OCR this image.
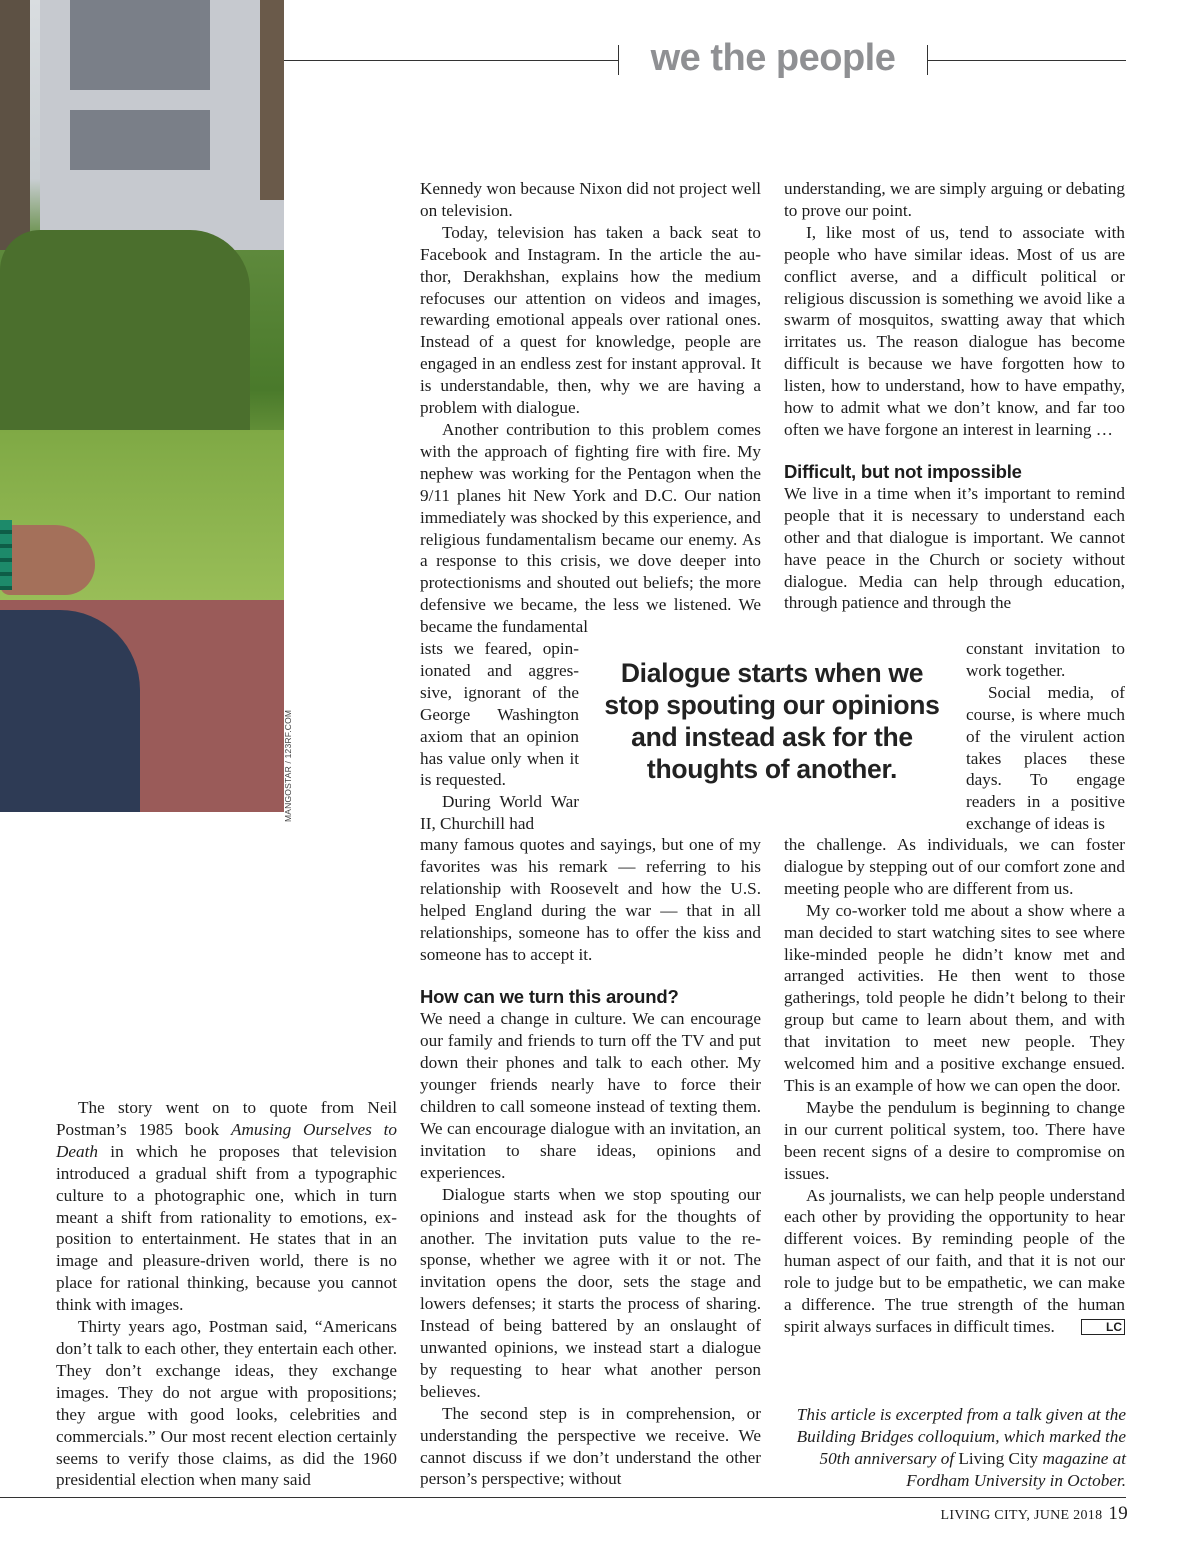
MANGOSTAR / 123RF.COM
we the people

The story went on to quote from Neil Postman’s 1985 book Amusing Ourselves to Death in which he proposes that television introduced a gradual shift from a typographic culture to a photographic one, which in turn meant a shift from rationality to emotions, exposition to entertainment. He states that in an image and pleasure-driven world, there is no place for rational thinking, because you cannot think with images.

Thirty years ago, Postman said, “Americans don’t talk to each other, they entertain each other. They don’t exchange ideas, they exchange images. They do not argue with propositions; they argue with good looks, celebrities and commercials.” Our most recent election certainly seems to verify those claims, as did the 1960 presidential election when many said

Kennedy won because Nixon did not project well on television.

Today, television has taken a back seat to Facebook and Instagram. In the article the author, Derakhshan, explains how the medium refocuses our attention on videos and images, rewarding emotional appeals over rational ones. Instead of a quest for knowledge, people are engaged in an endless zest for instant approval. It is understandable, then, why we are having a problem with dialogue.

Another contribution to this problem comes with the approach of fighting fire with fire. My nephew was working for the Pentagon when the 9/11 planes hit New York and D.C. Our nation immediately was shocked by this experience, and religious fundamentalism became our enemy. As a response to this crisis, we dove deeper into protectionisms and shouted out beliefs; the more defensive we became, the less we listened. We became the fundamental

ists we feared, opinionated and aggressive, ignorant of the George Washington axiom that an opinion has value only when it is requested.

During World War II, Churchill had

many famous quotes and sayings, but one of my favorites was his remark — referring to his relationship with Roosevelt and how the U.S. helped England during the war — that in all relationships, someone has to offer the kiss and someone has to accept it.

How can we turn this around?

We need a change in culture. We can encourage our family and friends to turn off the TV and put down their phones and talk to each other. My younger friends nearly have to force their children to call someone instead of texting them. We can encourage dialogue with an invitation, an invitation to share ideas, opinions and experiences.

Dialogue starts when we stop spouting our opinions and instead ask for the thoughts of another. The invitation puts value to the response, whether we agree with it or not. The invitation opens the door, sets the stage and lowers defenses; it starts the process of sharing. Instead of being battered by an onslaught of unwanted opinions, we instead start a dialogue by requesting to hear what another person believes.

The second step is in comprehension, or understanding the perspective we receive. We cannot discuss if we don’t understand the other person’s perspective; without

Dialogue starts when we stop spouting our opinions and instead ask for the thoughts of another.

understanding, we are simply arguing or debating to prove our point.

I, like most of us, tend to associate with people who have similar ideas. Most of us are conflict averse, and a difficult political or religious discussion is something we avoid like a swarm of mosquitos, swatting away that which irritates us. The reason dialogue has become difficult is because we have forgotten how to listen, how to understand, how to have empathy, how to admit what we don’t know, and far too often we have forgone an interest in learning …

Difficult, but not impossible

We live in a time when it’s important to remind people that it is necessary to understand each other and that dialogue is important. We cannot have peace in the Church or society without dialogue. Media can help through education, through patience and through the

constant invitation to work together.

Social media, of course, is where much of the virulent action takes places these days. To engage readers in a positive exchange of ideas is

the challenge. As individuals, we can foster dialogue by stepping out of our comfort zone and meeting people who are different from us.

My co-worker told me about a show where a man decided to start watching sites to see where like-minded people he didn’t know met and arranged activities. He then went to those gatherings, told people he didn’t belong to their group but came to learn about them, and with that invitation to meet new people. They welcomed him and a positive exchange ensued. This is an example of how we can open the door.

Maybe the pendulum is beginning to change in our current political system, too. There have been recent signs of a desire to compromise on issues.

As journalists, we can help people understand each other by providing the opportunity to hear different voices. By reminding people of the human aspect of our faith, and that it is not our role to judge but to be empathetic, we can make a difference. The true strength of the human spirit always surfaces in difficult times.	LC

This article is excerpted from a talk given at the Building Bridges colloquium, which marked the 50th anniversary of Living City magazine at Fordham University in October.
LIVING CITY, JUNE 2018 19
